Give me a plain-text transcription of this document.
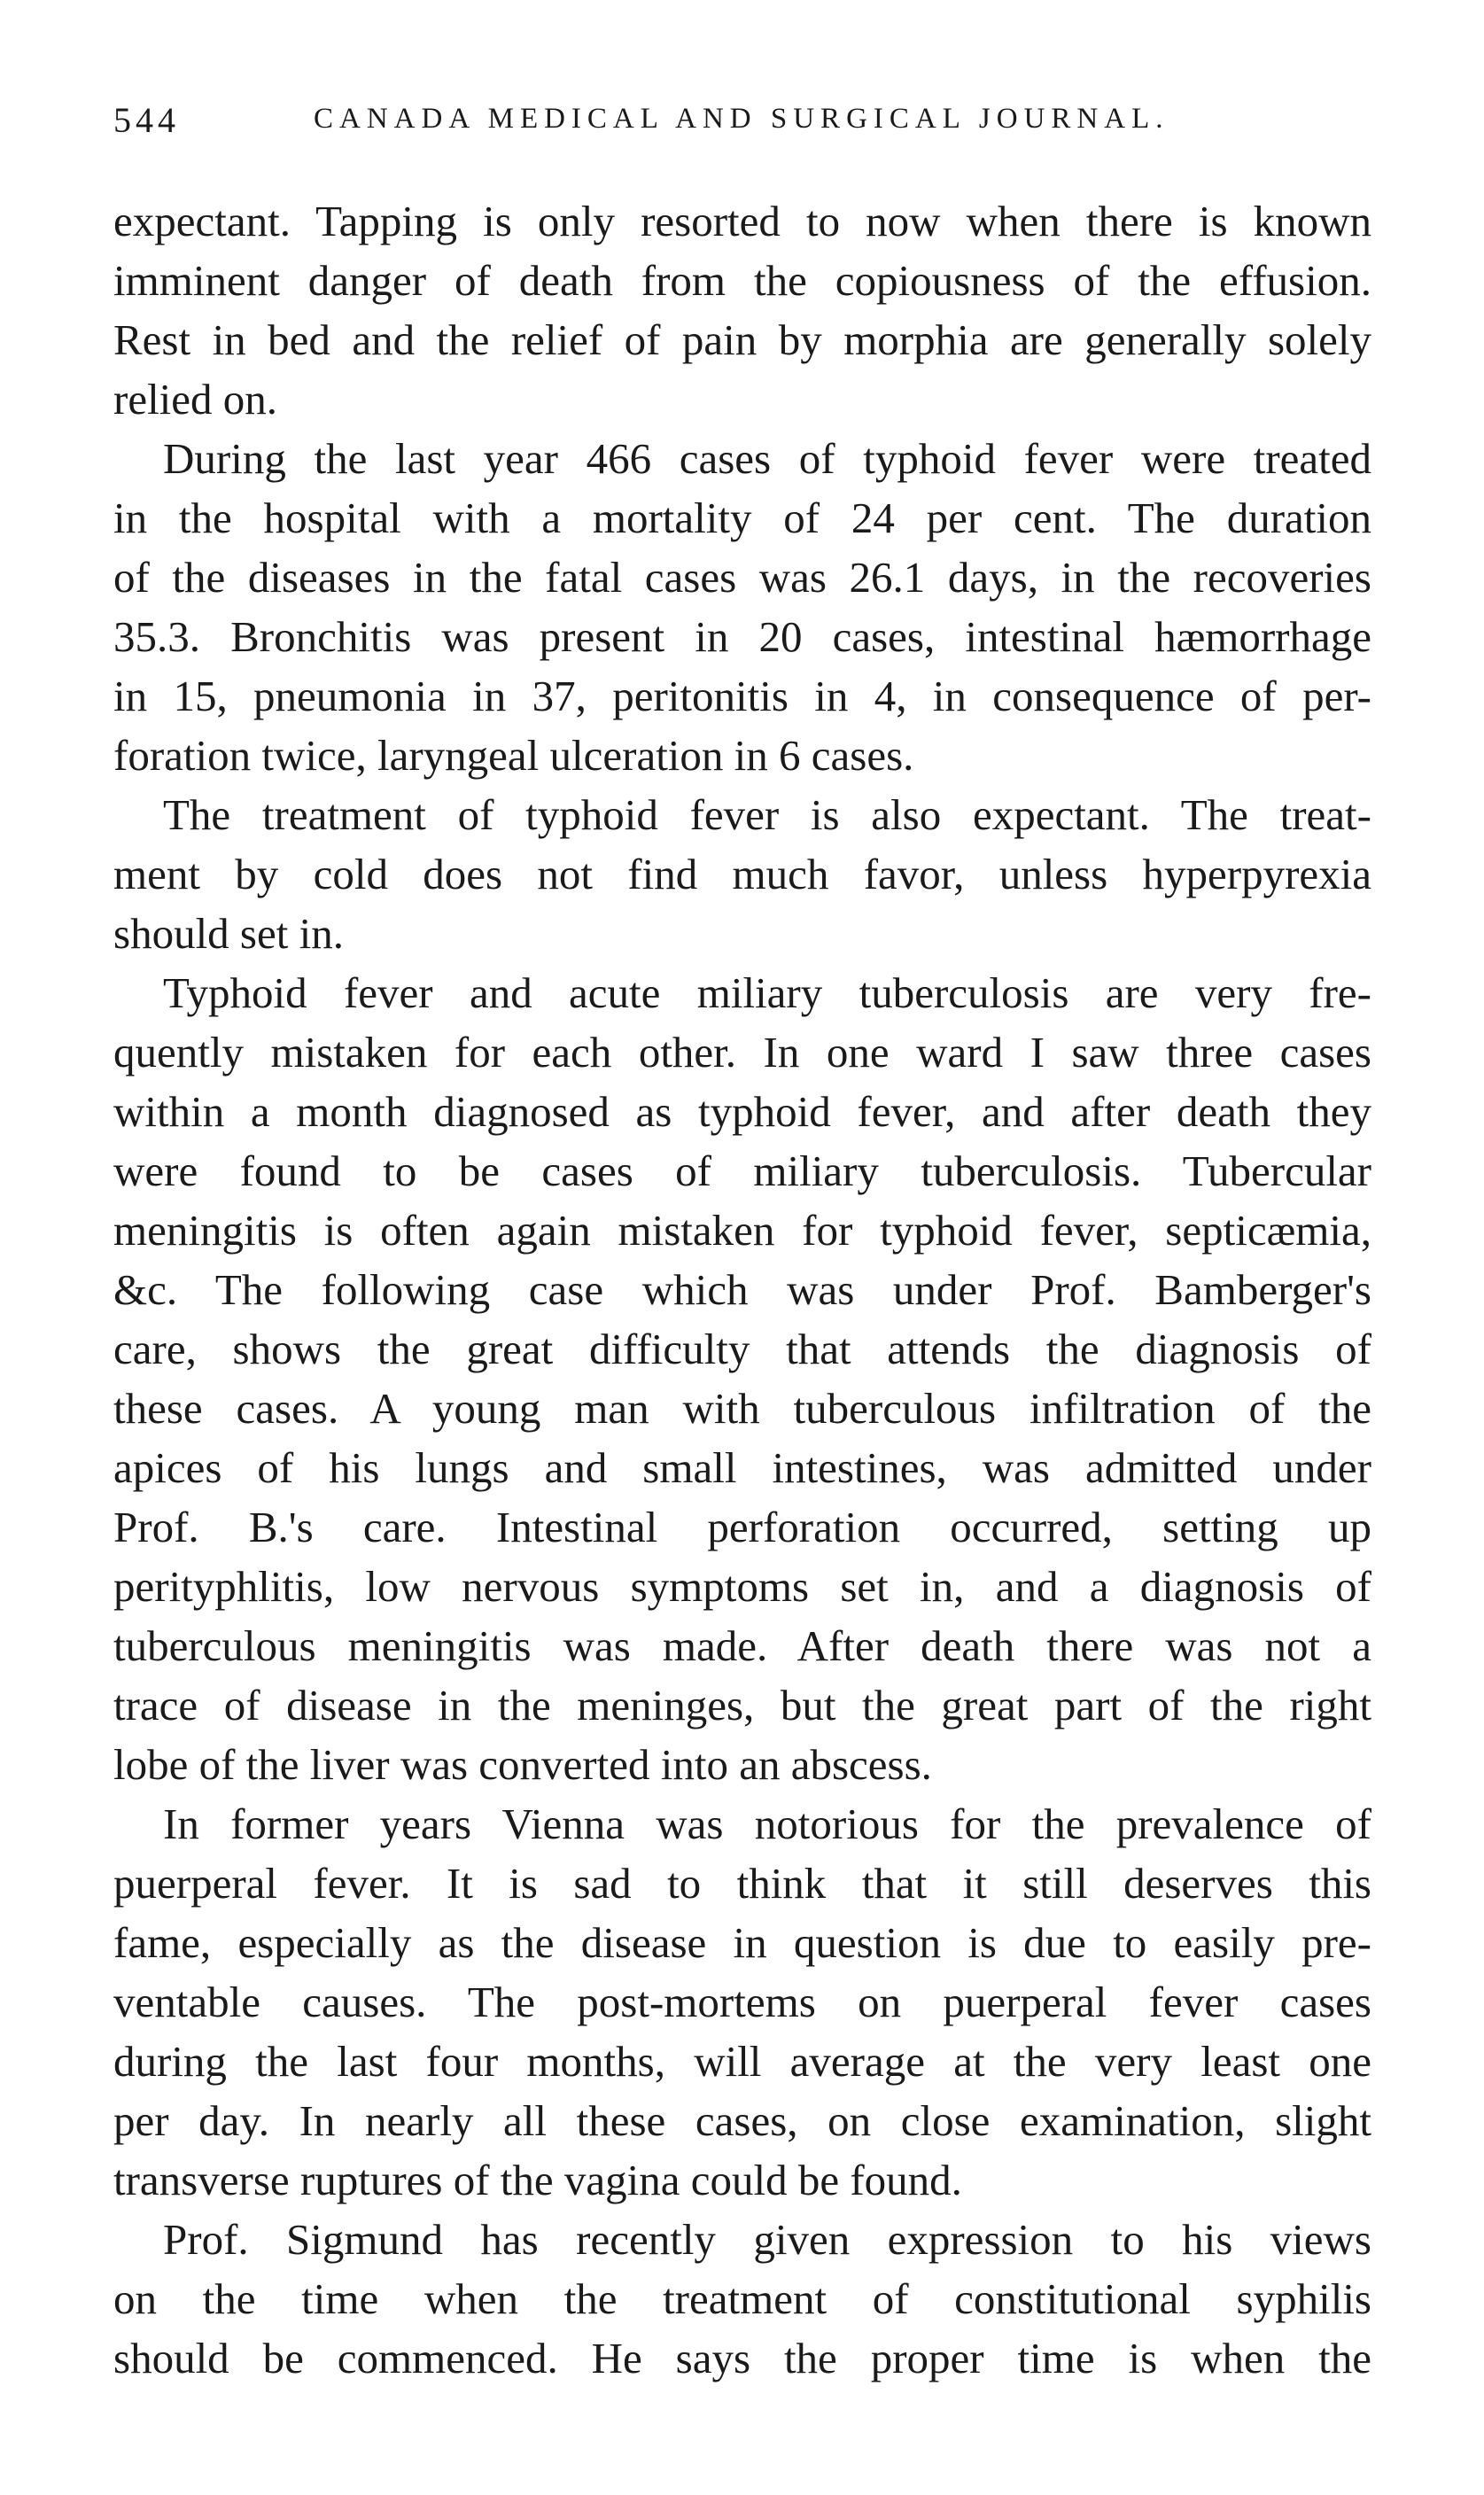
544	CANADA MEDICAL AND SURGICAL JOURNAL.
expectant. Tapping is only resorted to now when there is known
imminent danger of death from the copiousness of the effusion.
Rest in bed and the relief of pain by morphia are generally solely
relied on.
During the last year 466 cases of typhoid fever were treated
in the hospital with a mortality of 24 per cent. The duration
of the diseases in the fatal cases was 26.1 days, in the recoveries
35.3. Bronchitis was present in 20 cases, intestinal hæmorrhage
in 15, pneumonia in 37, peritonitis in 4, in consequence of per-
foration twice, laryngeal ulceration in 6 cases.
The treatment of typhoid fever is also expectant. The treat-
ment by cold does not find much favor, unless hyperpyrexia
should set in.
Typhoid fever and acute miliary tuberculosis are very fre-
quently mistaken for each other. In one ward I saw three cases
within a month diagnosed as typhoid fever, and after death they
were found to be cases of miliary tuberculosis. Tubercular
meningitis is often again mistaken for typhoid fever, septicæmia,
&c. The following case which was under Prof. Bamberger's
care, shows the great difficulty that attends the diagnosis of
these cases. A young man with tuberculous infiltration of the
apices of his lungs and small intestines, was admitted under
Prof. B.'s care. Intestinal perforation occurred, setting up
perityphlitis, low nervous symptoms set in, and a diagnosis of
tuberculous meningitis was made. After death there was not a
trace of disease in the meninges, but the great part of the right
lobe of the liver was converted into an abscess.
In former years Vienna was notorious for the prevalence of
puerperal fever. It is sad to think that it still deserves this
fame, especially as the disease in question is due to easily pre-
ventable causes. The post-mortems on puerperal fever cases
during the last four months, will average at the very least one
per day. In nearly all these cases, on close examination, slight
transverse ruptures of the vagina could be found.
Prof. Sigmund has recently given expression to his views
on the time when the treatment of constitutional syphilis
should be commenced. He says the proper time is when the
